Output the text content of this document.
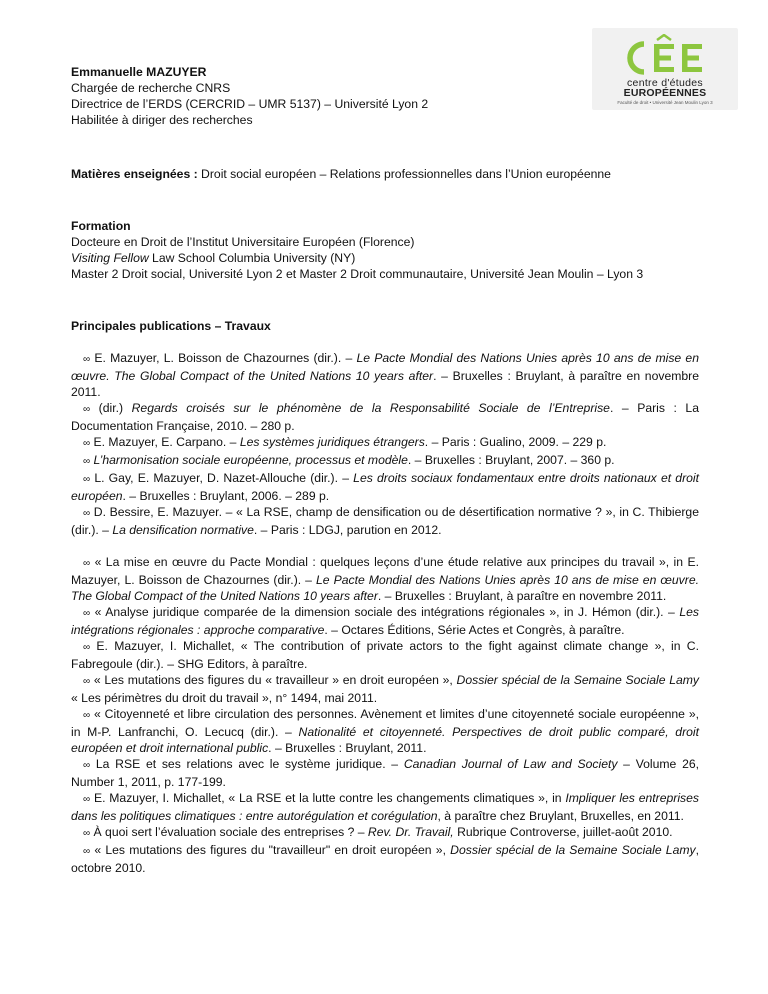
centre d'études
EUROPÉENNES
Faculté de droit • Université Jean Moulin Lyon 3

Emmanuelle MAZUYER

Chargée de recherche CNRS

Directrice de l’ERDS (CERCRID – UMR 5137) – Université Lyon 2

Habilitée à diriger des recherches

Matières enseignées : Droit social européen – Relations professionnelles dans l’Union européenne

Formation

Docteure en Droit de l’Institut Universitaire Européen (Florence)

Visiting Fellow Law School Columbia University (NY)

Master 2 Droit social, Université Lyon 2 et Master 2 Droit communautaire, Université Jean Moulin – Lyon 3

Principales publications – Travaux

∞ E. Mazuyer, L. Boisson de Chazournes (dir.). – Le Pacte Mondial des Nations Unies après 10 ans de mise en œuvre. The Global Compact of the United Nations 10 years after. – Bruxelles : Bruylant, à paraître en novembre 2011.

∞ (dir.) Regards croisés sur le phénomène de la Responsabilité Sociale de l’Entreprise. – Paris : La Documentation Française, 2010. – 280 p.

∞ E. Mazuyer, E. Carpano. – Les systèmes juridiques étrangers. – Paris : Gualino, 2009. – 229 p.

∞ L’harmonisation sociale européenne, processus et modèle. – Bruxelles : Bruylant, 2007. – 360 p.

∞ L. Gay, E. Mazuyer, D. Nazet-Allouche (dir.). – Les droits sociaux fondamentaux entre droits nationaux et droit européen. – Bruxelles : Bruylant, 2006. – 289 p.

∞ D. Bessire, E. Mazuyer. – « La RSE, champ de densification ou de désertification normative ? », in C. Thibierge (dir.). – La densification normative. – Paris : LDGJ, parution en 2012.

∞ « La mise en œuvre du Pacte Mondial : quelques leçons d’une étude relative aux principes du travail », in E. Mazuyer, L. Boisson de Chazournes (dir.). – Le Pacte Mondial des Nations Unies après 10 ans de mise en œuvre. The Global Compact of the United Nations 10 years after. – Bruxelles : Bruylant, à paraître en novembre 2011.

∞ « Analyse juridique comparée de la dimension sociale des intégrations régionales », in J. Hémon (dir.). – Les intégrations régionales : approche comparative. – Octares Éditions, Série Actes et Congrès, à paraître.

∞ E. Mazuyer, I. Michallet, « The contribution of private actors to the fight against climate change », in C. Fabregoule (dir.). – SHG Editors, à paraître.

∞ « Les mutations des figures du « travailleur » en droit européen », Dossier spécial de la Semaine Sociale Lamy « Les périmètres du droit du travail », n° 1494, mai 2011.

∞ « Citoyenneté et libre circulation des personnes. Avènement et limites d’une citoyenneté sociale européenne », in M-P. Lanfranchi, O. Lecucq (dir.). – Nationalité et citoyenneté. Perspectives de droit public comparé, droit européen et droit international public. – Bruxelles : Bruylant, 2011.

∞ La RSE et ses relations avec le système juridique. – Canadian Journal of Law and Society – Volume 26, Number 1, 2011, p. 177-199.

∞ E. Mazuyer, I. Michallet, « La RSE et la lutte contre les changements climatiques », in Impliquer les entreprises dans les politiques climatiques : entre autorégulation et corégulation, à paraître chez Bruylant, Bruxelles, en 2011.

∞ À quoi sert l’évaluation sociale des entreprises ? – Rev. Dr. Travail, Rubrique Controverse, juillet-août 2010.

∞ « Les mutations des figures du "travailleur" en droit européen », Dossier spécial de la Semaine Sociale Lamy, octobre 2010.
